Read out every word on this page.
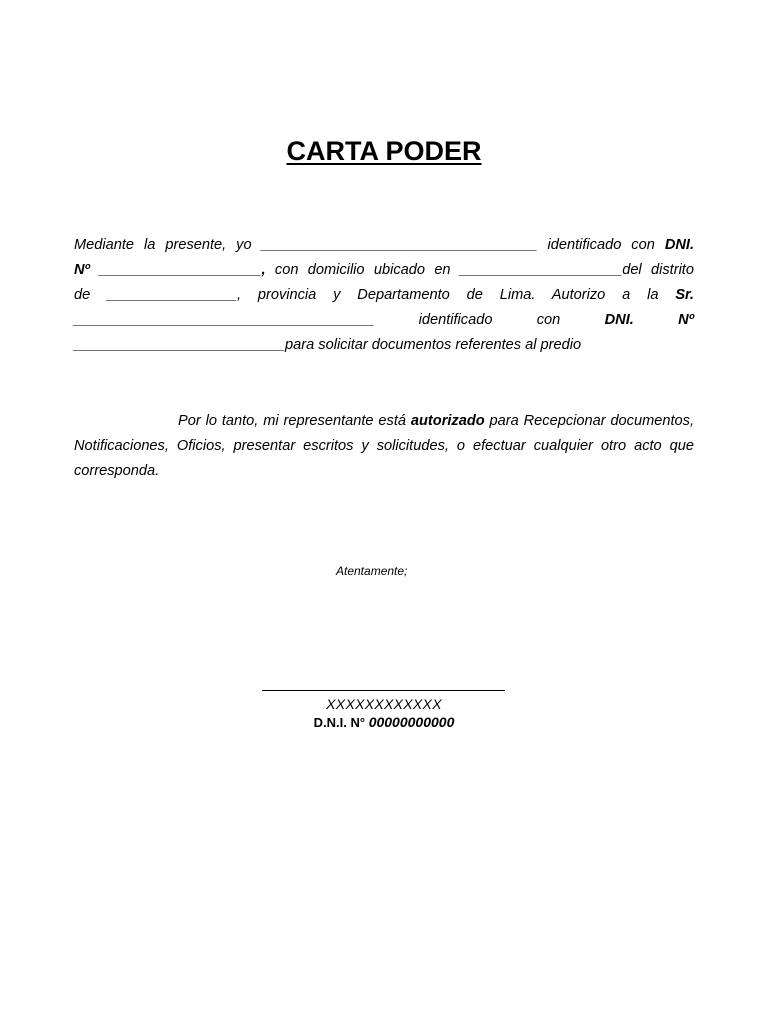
CARTA PODER
Mediante la presente, yo __________________________________ identificado con DNI.
Nº ____________________, con domicilio ubicado en ____________________del distrito
de ________________, provincia y Departamento de Lima. Autorizo a la Sr.
_____________________________________ identificado con DNI.	Nº
__________________________para solicitar documentos referentes al predio
Por lo tanto, mi representante está autorizado para Recepcionar documentos, Notificaciones, Oficios, presentar escritos y solicitudes, o efectuar cualquier otro acto que corresponda.
Atentamente;
XXXXXXXXXXXX
D.N.I. N° 00000000000
